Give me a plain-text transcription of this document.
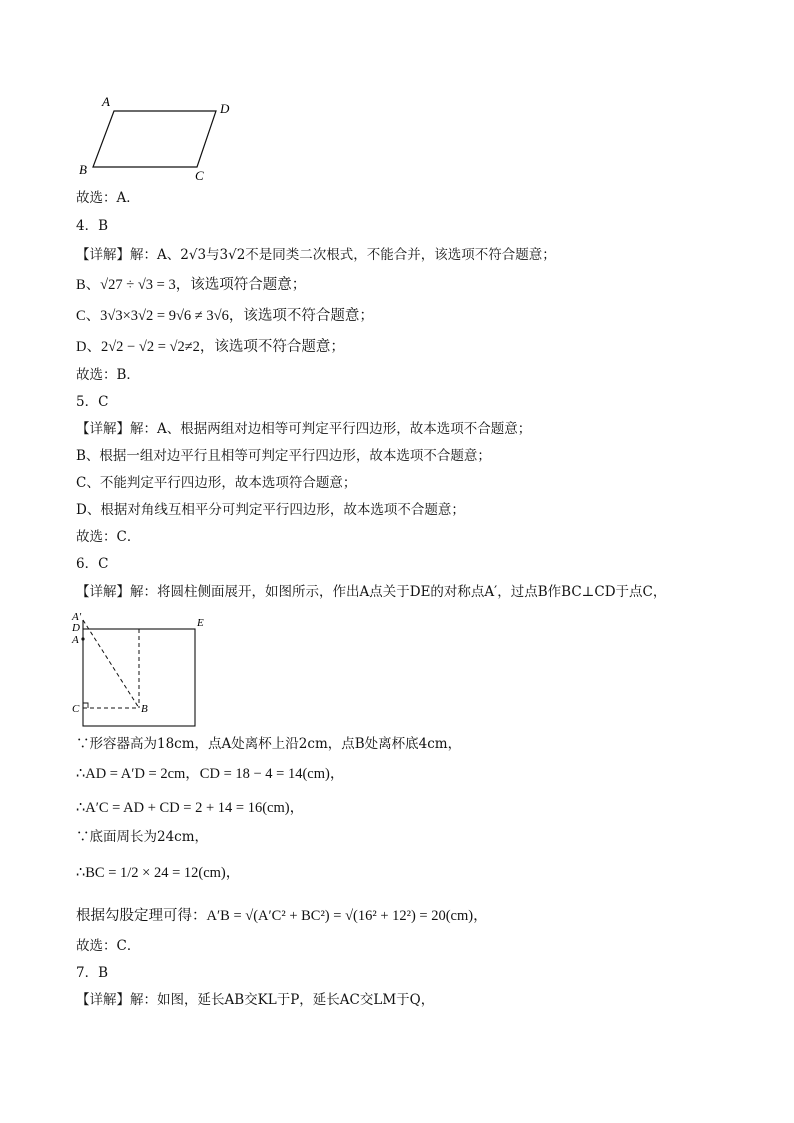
A	D
B	C
故选：A．
4．B
【详解】解：A、2√3与3√2不是同类二次根式，不能合并，该选项不符合题意；
B、√27 ÷ √3 = 3，该选项符合题意；
C、3√3×3√2 = 9√6 ≠ 3√6，该选项不符合题意；
D、2√2 − √2 = √2≠2，该选项不符合题意；
故选：B．
5．C
【详解】解：A、根据两组对边相等可判定平行四边形，故本选项不合题意；
B、根据一组对边平行且相等可判定平行四边形，故本选项不合题意；
C、不能判定平行四边形，故本选项符合题意；
D、根据对角线互相平分可判定平行四边形，故本选项不合题意；
故选：C．
6．C
【详解】解：将圆柱侧面展开，如图所示，作出A点关于DE的对称点A′，过点B作BC⊥CD于点C，
A′
D
A
C	B
E
∵形容器高为18cm，点A处离杯上沿2cm，点B处离杯底4cm，
∴AD = A′D = 2cm，CD = 18 − 4 = 14(cm)，
∴A′C = AD + CD = 2 + 14 = 16(cm)，
∵底面周长为24cm，
∴BC = 1/2 × 24 = 12(cm)，
根据勾股定理可得：A′B = √(A′C² + BC²) = √(16² + 12²) = 20(cm)，
故选：C．
7．B
【详解】解：如图，延长AB交KL于P，延长AC交LM于Q，
